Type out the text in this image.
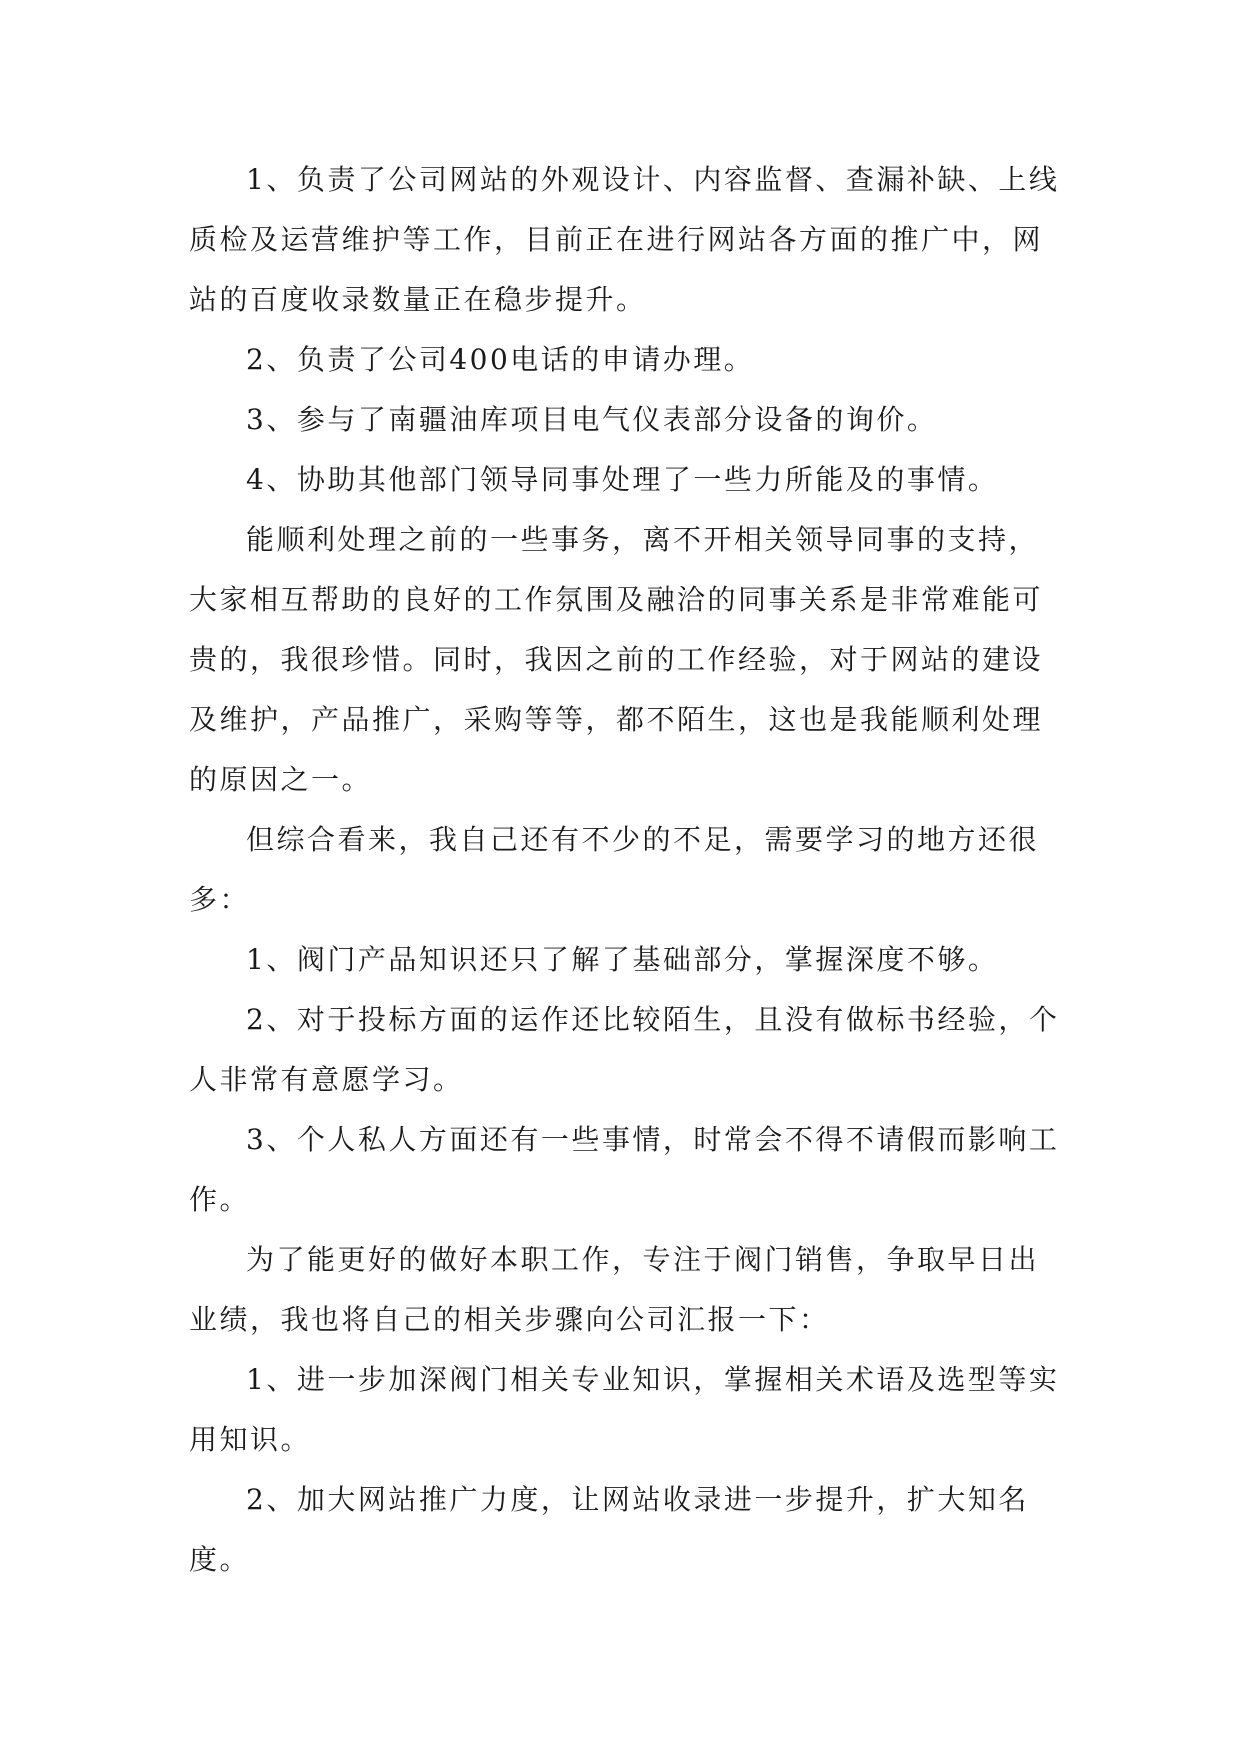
1、负责了公司网站的外观设计、内容监督、查漏补缺、上线质检及运营维护等工作，目前正在进行网站各方面的推广中，网站的百度收录数量正在稳步提升。

2、负责了公司400电话的申请办理。

3、参与了南疆油库项目电气仪表部分设备的询价。

4、协助其他部门领导同事处理了一些力所能及的事情。

能顺利处理之前的一些事务，离不开相关领导同事的支持，大家相互帮助的良好的工作氛围及融洽的同事关系是非常难能可贵的，我很珍惜。同时，我因之前的工作经验，对于网站的建设及维护，产品推广，采购等等，都不陌生，这也是我能顺利处理的原因之一。

但综合看来，我自己还有不少的不足，需要学习的地方还很多：

1、阀门产品知识还只了解了基础部分，掌握深度不够。

2、对于投标方面的运作还比较陌生，且没有做标书经验，个人非常有意愿学习。

3、个人私人方面还有一些事情，时常会不得不请假而影响工作。

为了能更好的做好本职工作，专注于阀门销售，争取早日出业绩，我也将自己的相关步骤向公司汇报一下：

1、进一步加深阀门相关专业知识，掌握相关术语及选型等实用知识。

2、加大网站推广力度，让网站收录进一步提升，扩大知名度。
